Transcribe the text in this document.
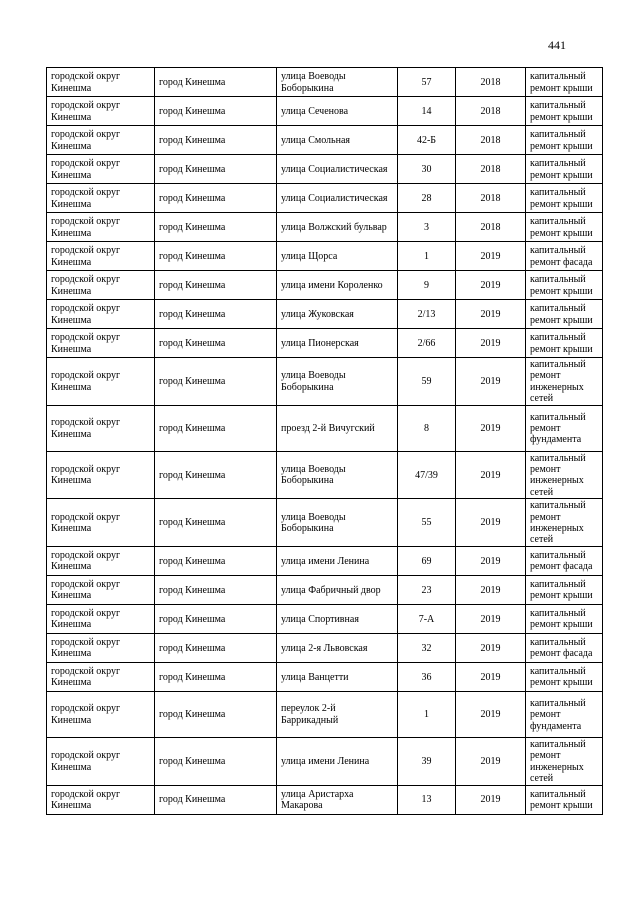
441
городской округ Кинешма	город Кинешма	улица Воеводы Боборыкина	57	2018	капитальный ремонт крыши
городской округ Кинешма	город Кинешма	улица Сеченова	14	2018	капитальный ремонт крыши
городской округ Кинешма	город Кинешма	улица Смольная	42-Б	2018	капитальный ремонт крыши
городской округ Кинешма	город Кинешма	улица Социалистическая	30	2018	капитальный ремонт крыши
городской округ Кинешма	город Кинешма	улица Социалистическая	28	2018	капитальный ремонт крыши
городской округ Кинешма	город Кинешма	улица Волжский бульвар	3	2018	капитальный ремонт крыши
городской округ Кинешма	город Кинешма	улица Щорса	1	2019	капитальный ремонт фасада
городской округ Кинешма	город Кинешма	улица имени Короленко	9	2019	капитальный ремонт крыши
городской округ Кинешма	город Кинешма	улица Жуковская	2/13	2019	капитальный ремонт крыши
городской округ Кинешма	город Кинешма	улица Пионерская	2/66	2019	капитальный ремонт крыши
городской округ Кинешма	город Кинешма	улица Воеводы Боборыкина	59	2019	капитальный ремонт инженерных сетей
городской округ Кинешма	город Кинешма	проезд 2-й Вичугский	8	2019	капитальный ремонт фундамента
городской округ Кинешма	город Кинешма	улица Воеводы Боборыкина	47/39	2019	капитальный ремонт инженерных сетей
городской округ Кинешма	город Кинешма	улица Воеводы Боборыкина	55	2019	капитальный ремонт инженерных сетей
городской округ Кинешма	город Кинешма	улица имени Ленина	69	2019	капитальный ремонт фасада
городской округ Кинешма	город Кинешма	улица Фабричный двор	23	2019	капитальный ремонт крыши
городской округ Кинешма	город Кинешма	улица Спортивная	7-А	2019	капитальный ремонт крыши
городской округ Кинешма	город Кинешма	улица 2-я Львовская	32	2019	капитальный ремонт фасада
городской округ Кинешма	город Кинешма	улица Ванцетти	36	2019	капитальный ремонт крыши
городской округ Кинешма	город Кинешма	переулок 2-й Баррикадный	1	2019	капитальный ремонт фундамента
городской округ Кинешма	город Кинешма	улица имени Ленина	39	2019	капитальный ремонт инженерных сетей
городской округ Кинешма	город Кинешма	улица Аристарха Макарова	13	2019	капитальный ремонт крыши
